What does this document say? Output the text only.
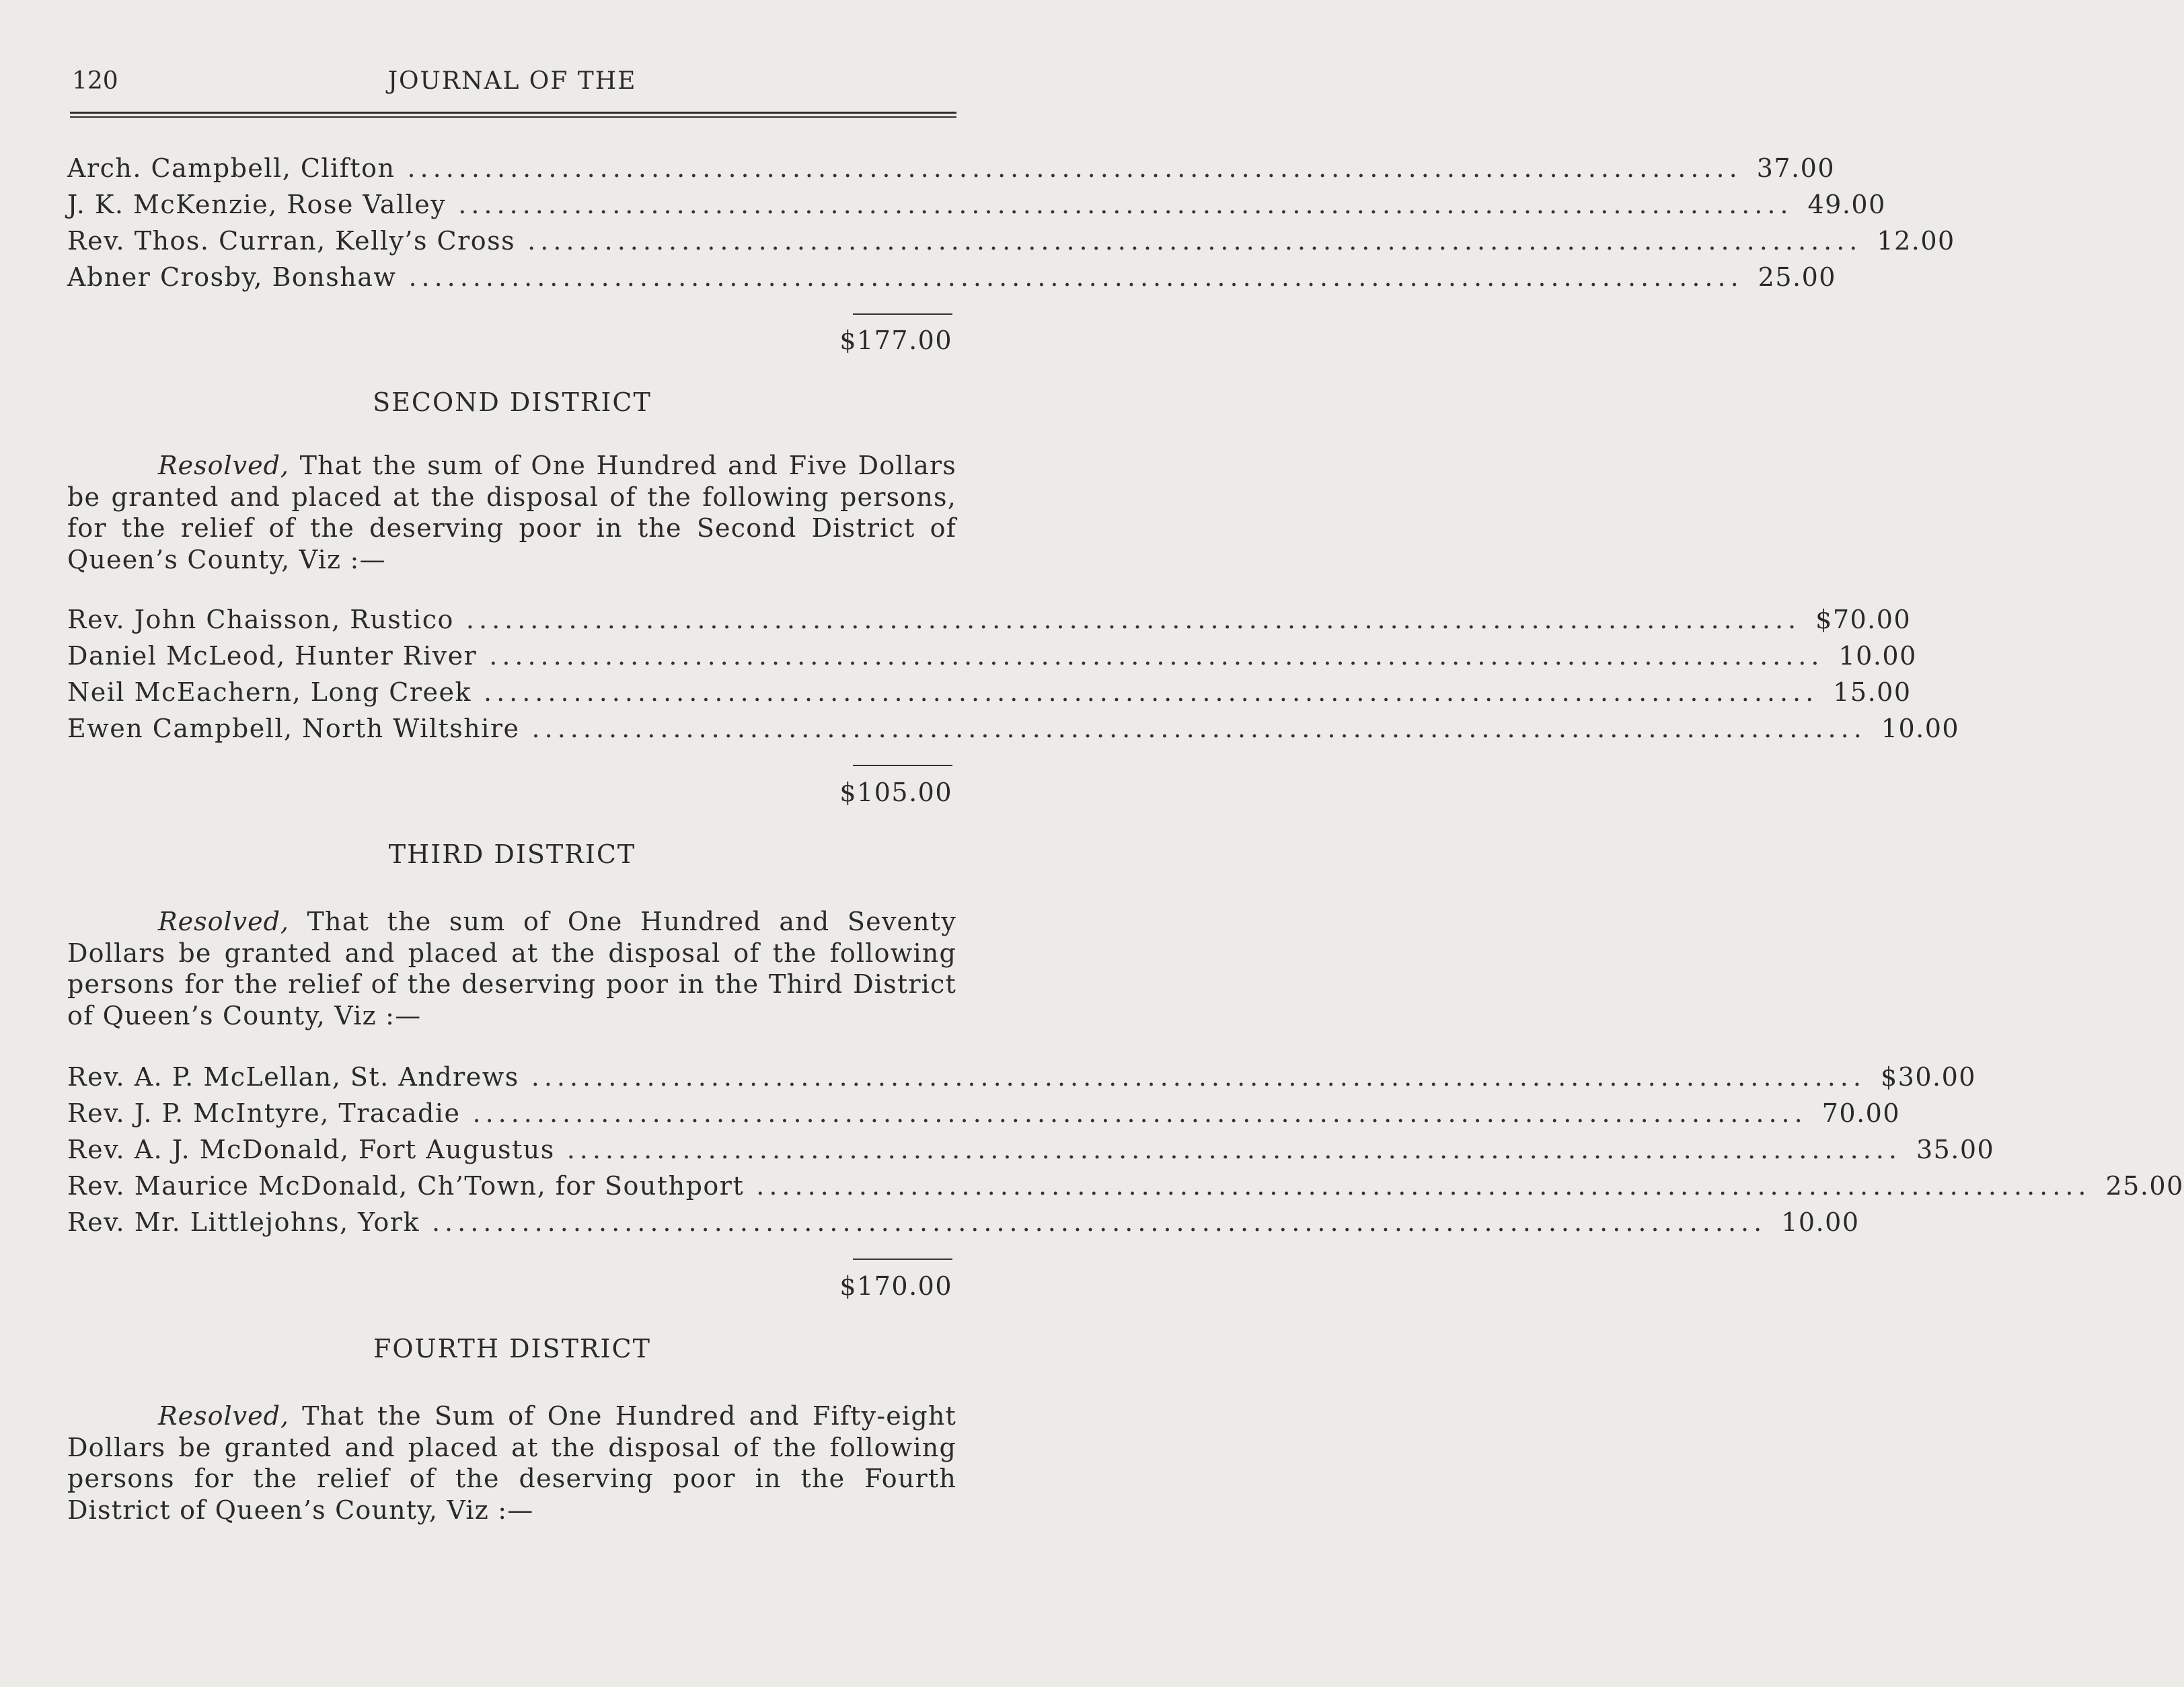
120	JOURNAL OF THE
Arch. Campbell, Clifton ........................................................................................................ 37.00
J. K. McKenzie, Rose Valley ........................................................................................................ 49.00
Rev. Thos. Curran, Kelly’s Cross ........................................................................................................ 12.00
Abner Crosby, Bonshaw ........................................................................................................ 25.00
$177.00
SECOND DISTRICT
Resolved, That the sum of One Hundred and Five Dollars be granted and placed at the disposal of the following persons, for the relief of the deserving poor in the Second District of Queen’s County, Viz :—
Rev. John Chaisson, Rustico ........................................................................................................ $ 70.00
Daniel McLeod, Hunter River ........................................................................................................ 10.00
Neil McEachern, Long Creek ........................................................................................................ 15.00
Ewen Campbell, North Wiltshire ........................................................................................................ 10.00
$105.00
THIRD DISTRICT
Resolved, That the sum of One Hundred and Seventy Dollars be granted and placed at the disposal of the following persons for the relief of the deserving poor in the Third District of Queen’s County, Viz :—
Rev. A. P. McLellan, St. Andrews ........................................................................................................ $ 30.00
Rev. J. P. McIntyre, Tracadie ........................................................................................................ 70.00
Rev. A. J. McDonald, Fort Augustus ........................................................................................................ 35.00
Rev. Maurice McDonald, Ch’Town, for Southport ........................................................................................................ 25.00
Rev. Mr. Littlejohns, York ........................................................................................................ 10.00
$170.00
FOURTH DISTRICT
Resolved, That the Sum of One Hundred and Fifty-eight Dollars be granted and placed at the disposal of the following persons for the relief of the deserving poor in the Fourth District of Queen’s County, Viz :—
